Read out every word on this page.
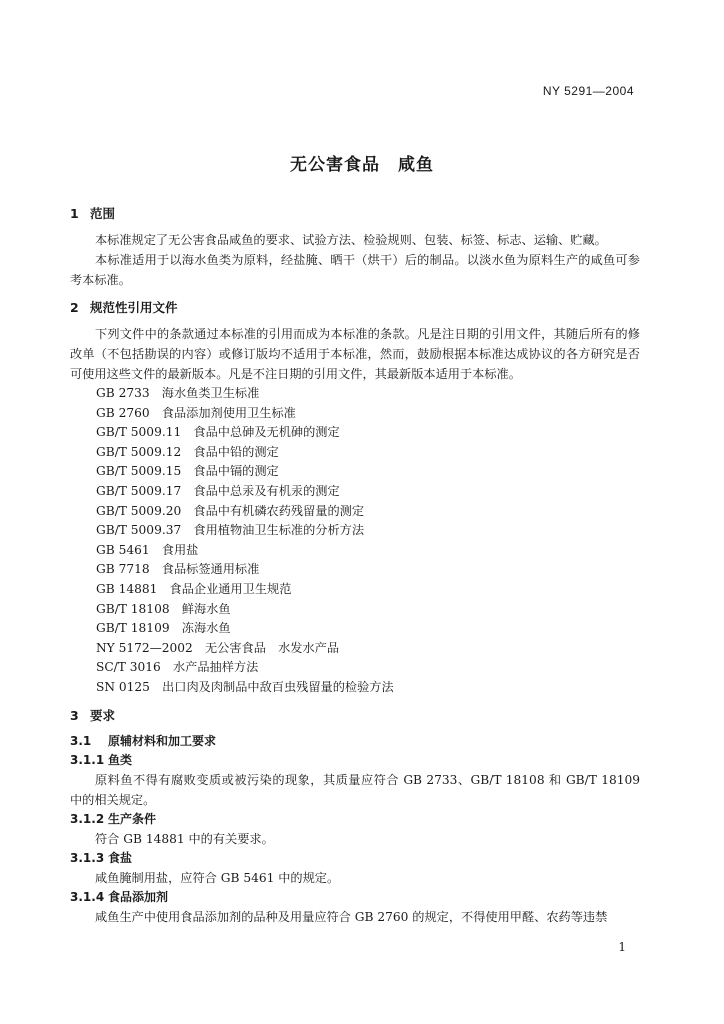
NY 5291—2004
无公害食品　咸鱼
1 范围

本标准规定了无公害食品咸鱼的要求、试验方法、检验规则、包装、标签、标志、运输、贮藏。

本标准适用于以海水鱼类为原料，经盐腌、晒干（烘干）后的制品。以淡水鱼为原料生产的咸鱼可参考本标准。

2 规范性引用文件

下列文件中的条款通过本标准的引用而成为本标准的条款。凡是注日期的引用文件，其随后所有的修改单（不包括勘误的内容）或修订版均不适用于本标准，然而，鼓励根据本标准达成协议的各方研究是否可使用这些文件的最新版本。凡是不注日期的引用文件，其最新版本适用于本标准。

GB 2733　海水鱼类卫生标准
GB 2760　食品添加剂使用卫生标准
GB/T 5009.11　食品中总砷及无机砷的测定
GB/T 5009.12　食品中铅的测定
GB/T 5009.15　食品中镉的测定
GB/T 5009.17　食品中总汞及有机汞的测定
GB/T 5009.20　食品中有机磷农药残留量的测定
GB/T 5009.37　食用植物油卫生标准的分析方法
GB 5461　食用盐
GB 7718　食品标签通用标准
GB 14881　食品企业通用卫生规范
GB/T 18108　鲜海水鱼
GB/T 18109　冻海水鱼
NY 5172—2002　无公害食品　水发水产品
SC/T 3016　水产品抽样方法
SN 0125　出口肉及肉制品中敌百虫残留量的检验方法
3 要求
3.1 原辅材料和加工要求
3.1.1 鱼类

原料鱼不得有腐败变质或被污染的现象，其质量应符合 GB 2733、GB/T 18108 和 GB/T 18109 中的相关规定。

3.1.2 生产条件

符合 GB 14881 中的有关要求。

3.1.3 食盐

咸鱼腌制用盐，应符合 GB 5461 中的规定。

3.1.4 食品添加剂

咸鱼生产中使用食品添加剂的品种及用量应符合 GB 2760 的规定，不得使用甲醛、农药等违禁

1
